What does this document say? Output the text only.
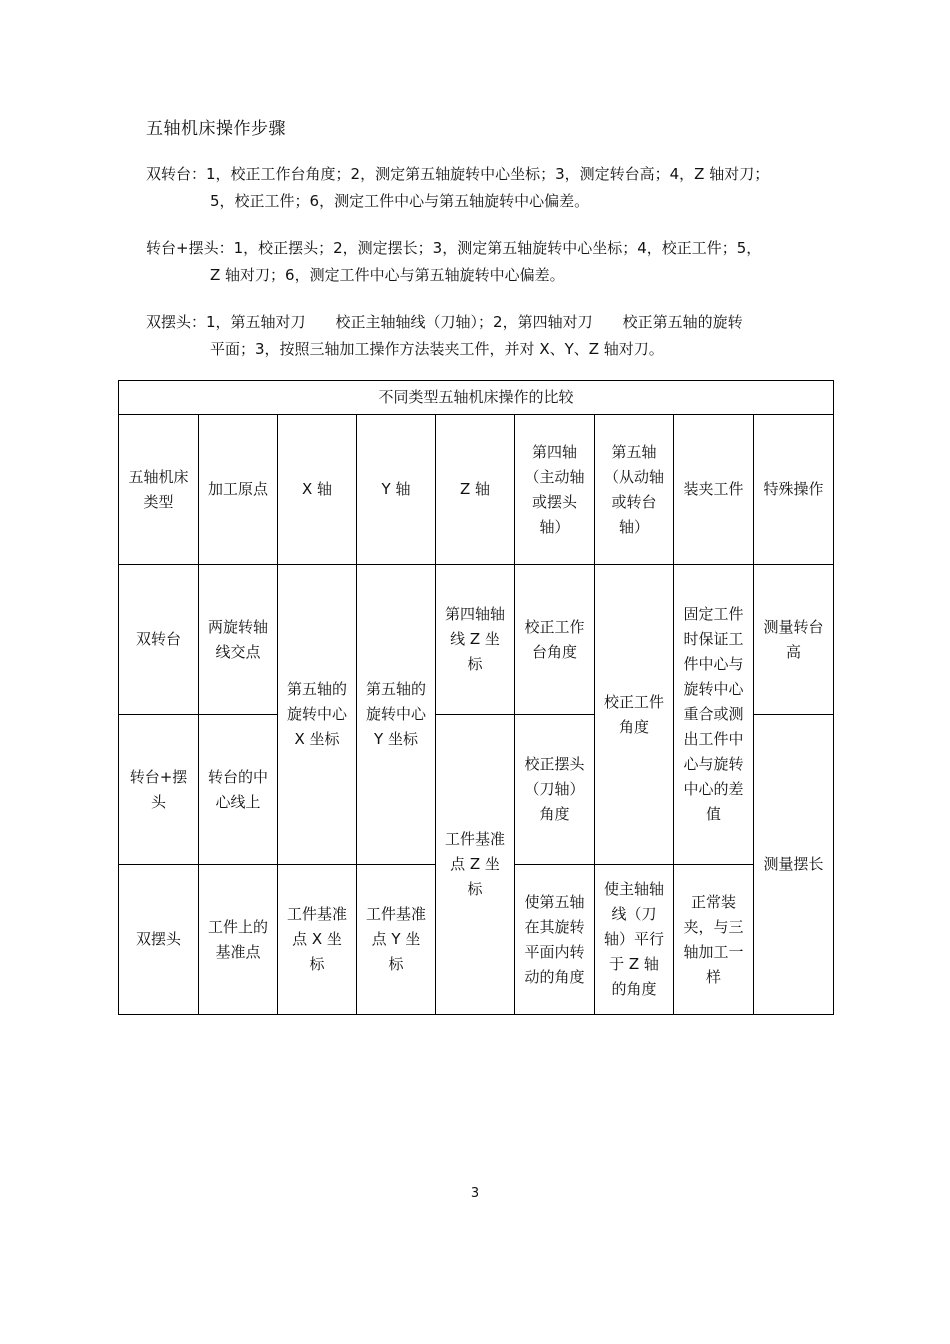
五轴机床操作步骤
双转台：1，校正工作台角度；2，测定第五轴旋转中心坐标；3，测定转台高；4，Z 轴对刀；
5，校正工件；6，测定工件中心与第五轴旋转中心偏差。
转台+摆头：1，校正摆头；2，测定摆长；3，测定第五轴旋转中心坐标；4，校正工件；5，
Z 轴对刀；6，测定工件中心与第五轴旋转中心偏差。
双摆头：1，第五轴对刀　　校正主轴轴线（刀轴）；2，第四轴对刀　　校正第五轴的旋转
平面；3，按照三轴加工操作方法装夹工件，并对 X、Y、Z 轴对刀。
不同类型五轴机床操作的比较								
五轴机床类型	加工原点	X 轴	Y 轴	Z 轴	第四轴（主动轴或摆头轴）	第五轴（从动轴或转台轴）	装夹工件	特殊操作
双转台	两旋转轴线交点	第五轴的旋转中心 X 坐标	第五轴的旋转中心 Y 坐标	第四轴轴线 Z 坐标	校正工作台角度	校正工件角度	固定工件时保证工件中心与旋转中心重合或测出工件中心与旋转中心的差值	测量转台高
转台+摆头	转台的中心线上			工件基准点 Z 坐标	校正摆头（刀轴）角度			测量摆长
双摆头	工件上的基准点	工件基准点 X 坐标	工件基准点 Y 坐标		使第五轴在其旋转平面内转动的角度	使主轴轴线（刀轴）平行于 Z 轴的角度	正常装夹，与三轴加工一样	
3
